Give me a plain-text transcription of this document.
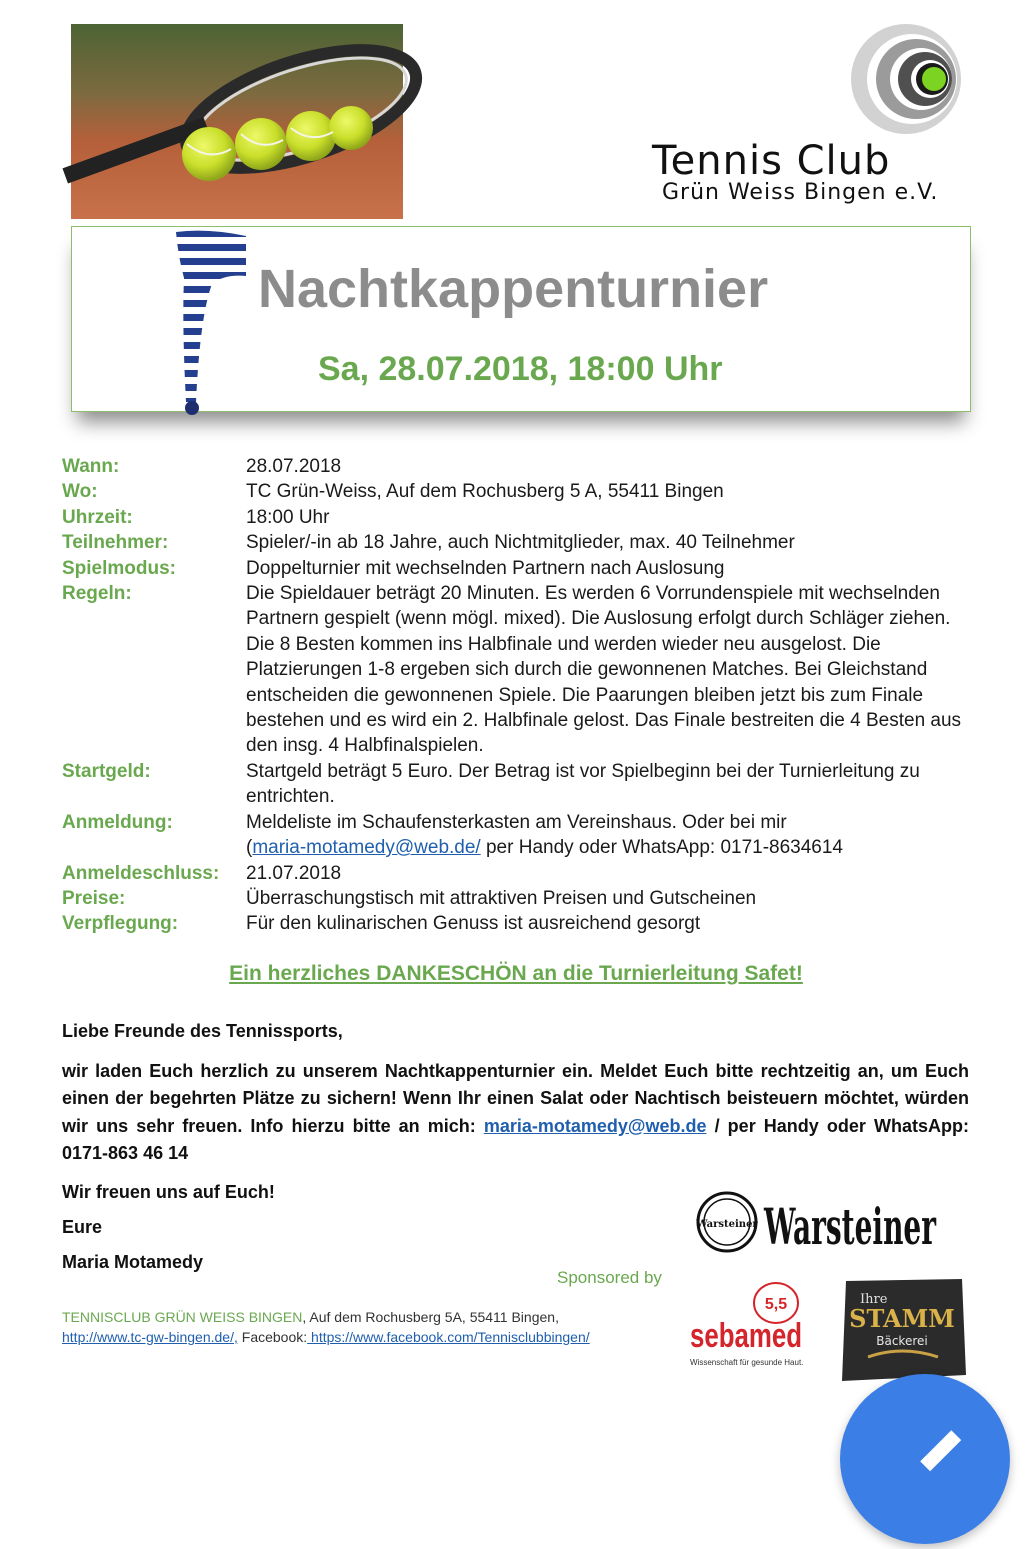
Tennis Club
Grün Weiss Bingen e.V.
Nachtkappenturnier
Sa, 28.07.2018, 18:00 Uhr
Wann:	28.07.2018
Wo:	TC Grün-Weiss, Auf dem Rochusberg 5 A, 55411 Bingen
Uhrzeit:	18:00 Uhr
Teilnehmer:	Spieler/-in ab 18 Jahre, auch Nichtmitglieder, max. 40 Teilnehmer
Spielmodus:	Doppelturnier mit wechselnden Partnern nach Auslosung
Regeln:	Die Spieldauer beträgt 20 Minuten. Es werden 6 Vorrundenspiele mit wechselnden Partnern gespielt (wenn mögl. mixed). Die Auslosung erfolgt durch Schläger ziehen. Die 8 Besten kommen ins Halbfinale und werden wieder neu ausgelost. Die Platzierungen 1-8 ergeben sich durch die gewonnenen Matches. Bei Gleichstand entscheiden die gewonnenen Spiele. Die Paarungen bleiben jetzt bis zum Finale bestehen und es wird ein 2. Halbfinale gelost. Das Finale bestreiten die 4 Besten aus den insg. 4 Halbfinalspielen.
Startgeld:	Startgeld beträgt 5 Euro. Der Betrag ist vor Spielbeginn bei der Turnierleitung zu entrichten.
Anmeldung:	Meldeliste im Schaufensterkasten am Vereinshaus. Oder bei mir
(maria-motamedy@web.de/ per Handy oder WhatsApp: 0171-8634614
Anmeldeschluss:	21.07.2018
Preise:	Überraschungstisch mit attraktiven Preisen und Gutscheinen
Verpflegung:	Für den kulinarischen Genuss ist ausreichend gesorgt
Ein herzliches DANKESCHÖN an die Turnierleitung Safet!

Liebe Freunde des Tennissports,

wir laden Euch herzlich zu unserem Nachtkappenturnier ein. Meldet Euch bitte rechtzeitig an, um Euch einen der begehrten Plätze zu sichern! Wenn Ihr einen Salat oder Nachtisch beisteuern möchtet, würden wir uns sehr freuen. Info hierzu bitte an mich: maria-motamedy@web.de / per Handy oder WhatsApp: 0171-863 46 14

Wir freuen uns auf Euch!

Eure

Maria Motamedy

Sponsored by
TENNISCLUB GRÜN WEISS BINGEN, Auf dem Rochusberg 5A, 55411 Bingen,
http://www.tc-gw-bingen.de/, Facebook: https://www.facebook.com/Tennisclubbingen/
Warsteiner Warsteiner
5,5
sebamed
Wissenschaft für gesunde Haut.
Ihre
STAMM
Bäckerei
